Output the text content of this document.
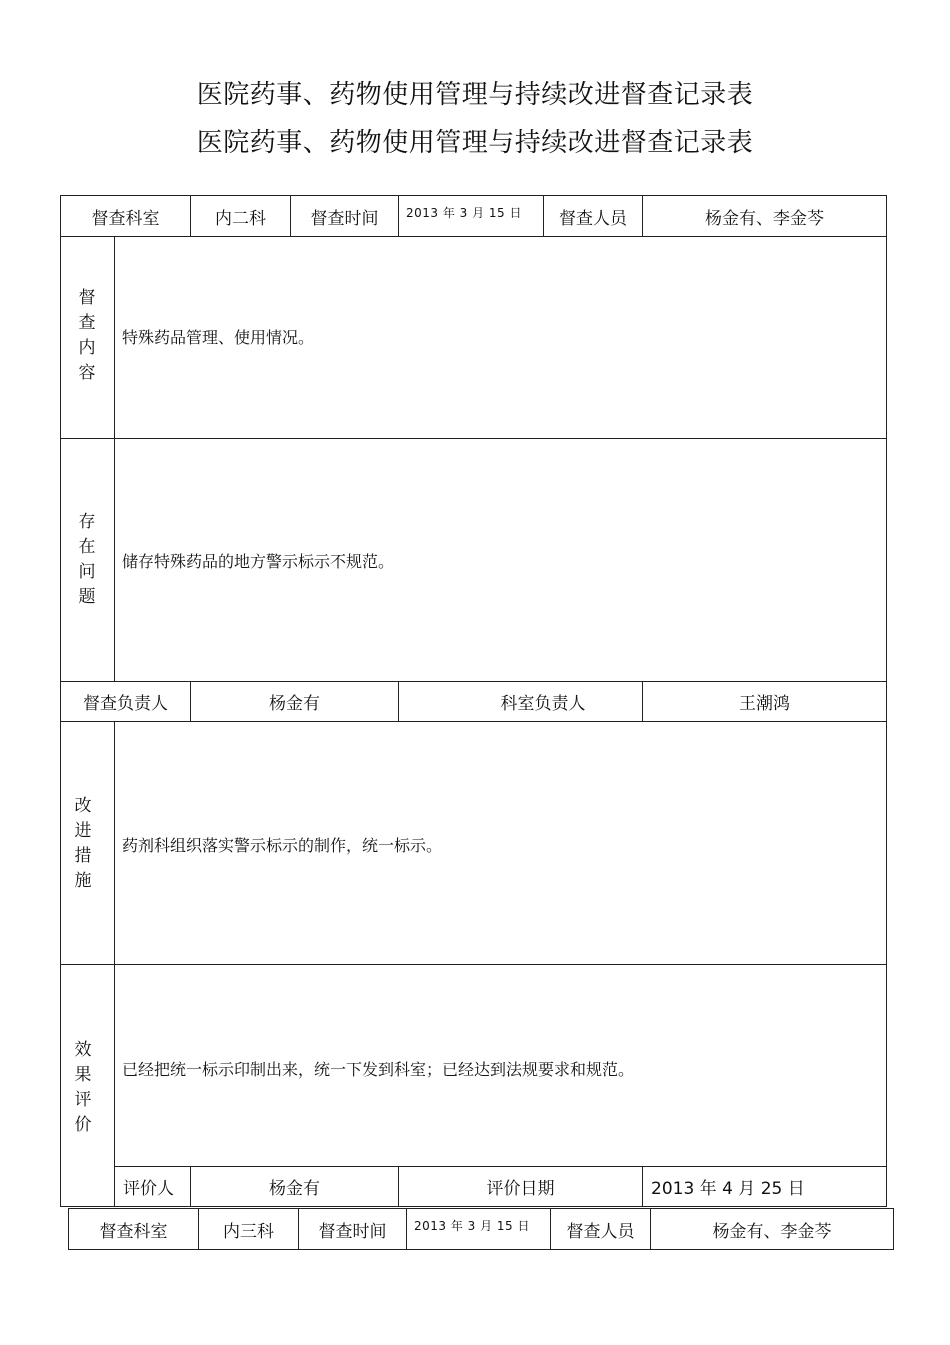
医院药事、药物使用管理与持续改进督查记录表
医院药事、药物使用管理与持续改进督查记录表
督查科室	内二科	督查时间	2013 年 3 月 15 日	督查人员	杨金有、李金芩
督
查
内
容
特殊药品管理、使用情况。
存
在
问
题
储存特殊药品的地方警示标示不规范。
督查负责人	杨金有	科室负责人	王潮鸿
改
进
措
施
药剂科组织落实警示标示的制作，统一标示。
效
果
评
价
已经把统一标示印制出来，统一下发到科室；已经达到法规要求和规范。
评价人	杨金有	评价日期	2013 年 4 月 25 日
督查科室	内三科	督查时间	2013 年 3 月 15 日	督查人员	杨金有、李金芩
